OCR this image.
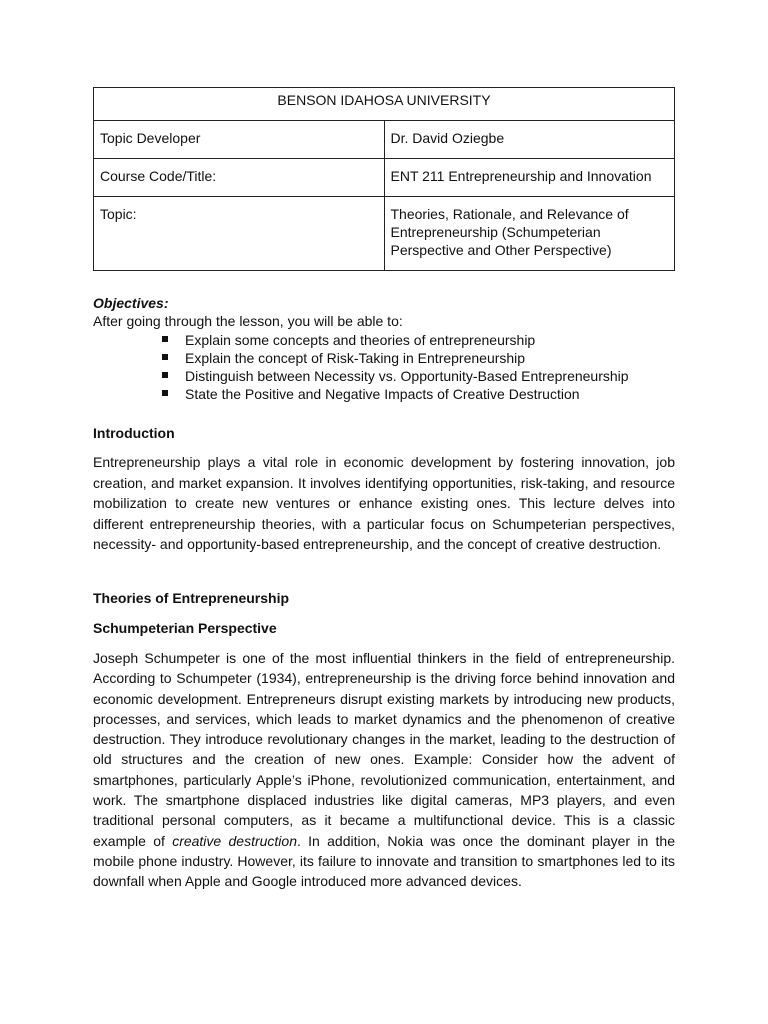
BENSON IDAHOSA UNIVERSITY	
Topic Developer	Dr. David Oziegbe
Course Code/Title:	ENT 211 Entrepreneurship and Innovation
Topic:	Theories, Rationale, and Relevance of Entrepreneurship (Schumpeterian Perspective and Other Perspective)
Objectives:
After going through the lesson, you will be able to:
Explain some concepts and theories of entrepreneurship
Explain the concept of Risk-Taking in Entrepreneurship
Distinguish between Necessity vs. Opportunity-Based Entrepreneurship
State the Positive and Negative Impacts of Creative Destruction
Introduction

Entrepreneurship plays a vital role in economic development by fostering innovation, job creation, and market expansion. It involves identifying opportunities, risk-taking, and resource mobilization to create new ventures or enhance existing ones. This lecture delves into different entrepreneurship theories, with a particular focus on Schumpeterian perspectives, necessity- and opportunity-based entrepreneurship, and the concept of creative destruction.

Theories of Entrepreneurship
Schumpeterian Perspective

Joseph Schumpeter is one of the most influential thinkers in the field of entrepreneurship. According to Schumpeter (1934), entrepreneurship is the driving force behind innovation and economic development. Entrepreneurs disrupt existing markets by introducing new products, processes, and services, which leads to market dynamics and the phenomenon of creative destruction. They introduce revolutionary changes in the market, leading to the destruction of old structures and the creation of new ones. Example: Consider how the advent of smartphones, particularly Apple’s iPhone, revolutionized communication, entertainment, and work. The smartphone displaced industries like digital cameras, MP3 players, and even traditional personal computers, as it became a multifunctional device. This is a classic example of creative destruction. In addition, Nokia was once the dominant player in the mobile phone industry. However, its failure to innovate and transition to smartphones led to its downfall when Apple and Google introduced more advanced devices.
